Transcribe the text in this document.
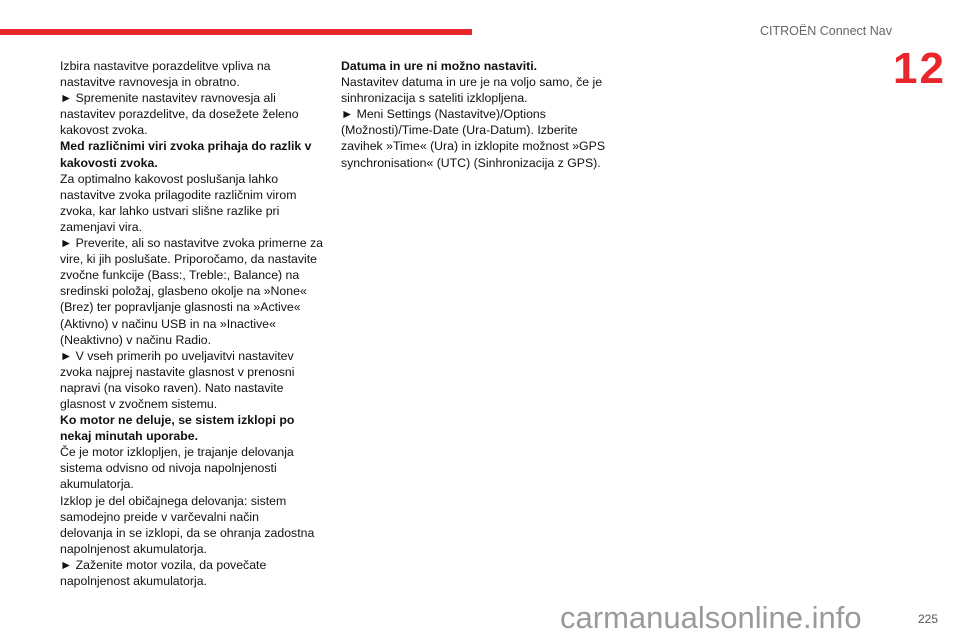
CITROËN Connect Nav
12
Izbira nastavitve porazdelitve vpliva na
nastavitve ravnovesja in obratno.
► Spremenite nastavitev ravnovesja ali
nastavitev porazdelitve, da dosežete želeno
kakovost zvoka.
Med različnimi viri zvoka prihaja do razlik v
kakovosti zvoka.
Za optimalno kakovost poslušanja lahko
nastavitve zvoka prilagodite različnim virom
zvoka, kar lahko ustvari slišne razlike pri
zamenjavi vira.
► Preverite, ali so nastavitve zvoka primerne za
vire, ki jih poslušate. Priporočamo, da nastavite
zvočne funkcije (Bass:, Treble:, Balance) na
sredinski položaj, glasbeno okolje na »None«
(Brez) ter popravljanje glasnosti na »Active«
(Aktivno) v načinu USB in na »Inactive«
(Neaktivno) v načinu Radio.
► V vseh primerih po uveljavitvi nastavitev
zvoka najprej nastavite glasnost v prenosni
napravi (na visoko raven). Nato nastavite
glasnost v zvočnem sistemu.
Ko motor ne deluje, se sistem izklopi po
nekaj minutah uporabe.
Če je motor izklopljen, je trajanje delovanja
sistema odvisno od nivoja napolnjenosti
akumulatorja.
Izklop je del običajnega delovanja: sistem
samodejno preide v varčevalni način
delovanja in se izklopi, da se ohranja zadostna
napolnjenost akumulatorja.
► Zaženite motor vozila, da povečate
napolnjenost akumulatorja.
Datuma in ure ni možno nastaviti.
Nastavitev datuma in ure je na voljo samo, če je
sinhronizacija s sateliti izklopljena.
► Meni Settings (Nastavitve)/Options
(Možnosti)/Time-Date (Ura-Datum). Izberite
zavihek »Time« (Ura) in izklopite možnost »GPS
synchronisation« (UTC) (Sinhronizacija z GPS).
carmanualsonline.info	225
